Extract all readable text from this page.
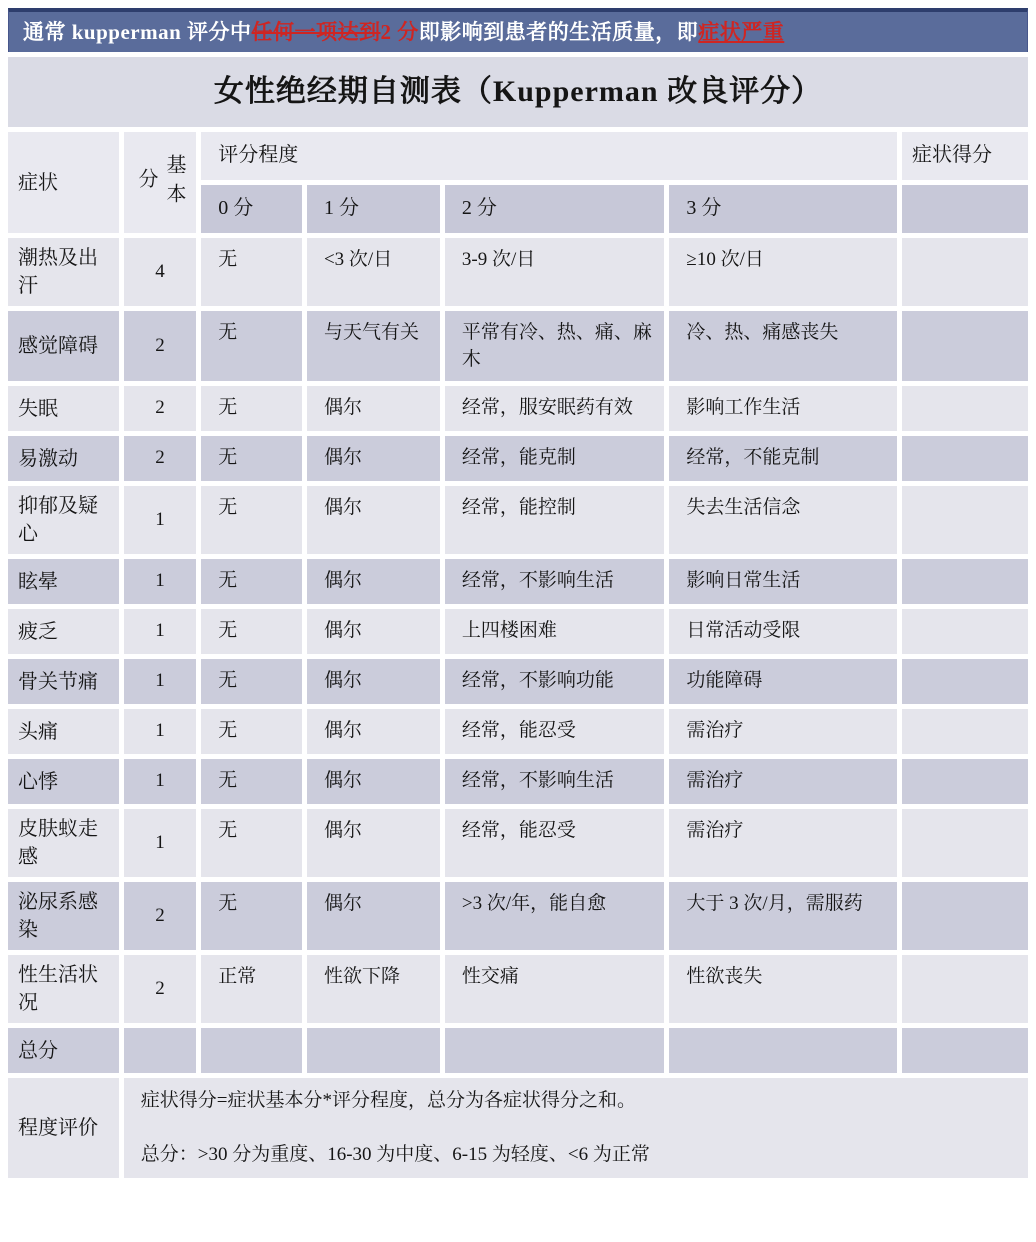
通常 kupperman 评分中 任何一项达到 2 分 即影响到患者的生活质量，即 症状严重
女性绝经期自测表（Kupperman 改良评分）						
症状	基本分	评分程度				症状得分
		0 分	1 分	2 分	3 分	
潮热及出汗	4	无	<3 次/日	3-9 次/日	≥10 次/日	
感觉障碍	2	无	与天气有关	平常有冷、热、痛、麻木	冷、热、痛感丧失	
失眠	2	无	偶尔	经常，服安眠药有效	影响工作生活	
易激动	2	无	偶尔	经常，能克制	经常，不能克制	
抑郁及疑心	1	无	偶尔	经常，能控制	失去生活信念	
眩晕	1	无	偶尔	经常，不影响生活	影响日常生活	
疲乏	1	无	偶尔	上四楼困难	日常活动受限	
骨关节痛	1	无	偶尔	经常，不影响功能	功能障碍	
头痛	1	无	偶尔	经常，能忍受	需治疗	
心悸	1	无	偶尔	经常，不影响生活	需治疗	
皮肤蚁走感	1	无	偶尔	经常，能忍受	需治疗	
泌尿系感染	2	无	偶尔	>3 次/年，能自愈	大于 3 次/月，需服药	
性生活状况	2	正常	性欲下降	性交痛	性欲丧失	
总分						
程度评价	症状得分=症状基本分*评分程度，总分为各症状得分之和。

总分：>30 分为重度、16-30 为中度、6-15 为轻度、<6 为正常					
